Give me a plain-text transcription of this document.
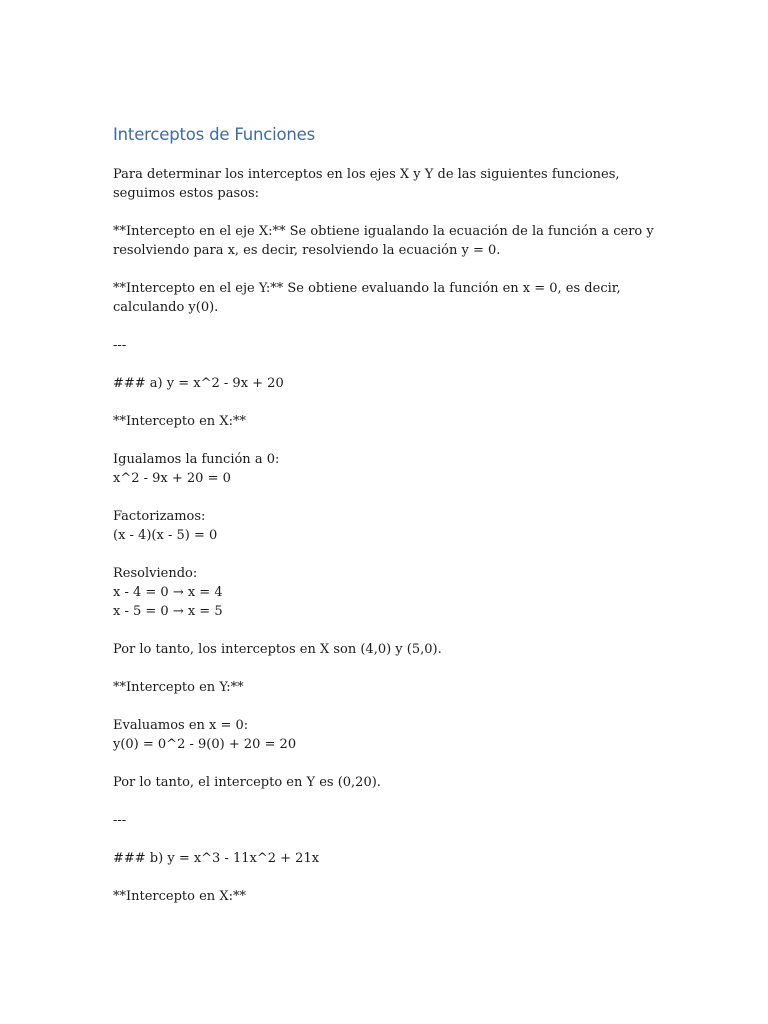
Interceptos de Funciones
Para determinar los interceptos en los ejes X y Y de las siguientes funciones, seguimos estos pasos:
**Intercepto en el eje X:** Se obtiene igualando la ecuación de la función a cero y resolviendo para x, es decir, resolviendo la ecuación y = 0.
**Intercepto en el eje Y:** Se obtiene evaluando la función en x = 0, es decir, calculando y(0).
---
### a) y = x^2 - 9x + 20
**Intercepto en X:**
Igualamos la función a 0:
x^2 - 9x + 20 = 0
Factorizamos:
(x - 4)(x - 5) = 0
Resolviendo:
x - 4 = 0 → x = 4
x - 5 = 0 → x = 5
Por lo tanto, los interceptos en X son (4,0) y (5,0).
**Intercepto en Y:**
Evaluamos en x = 0:
y(0) = 0^2 - 9(0) + 20 = 20
Por lo tanto, el intercepto en Y es (0,20).
---
### b) y = x^3 - 11x^2 + 21x
**Intercepto en X:**
